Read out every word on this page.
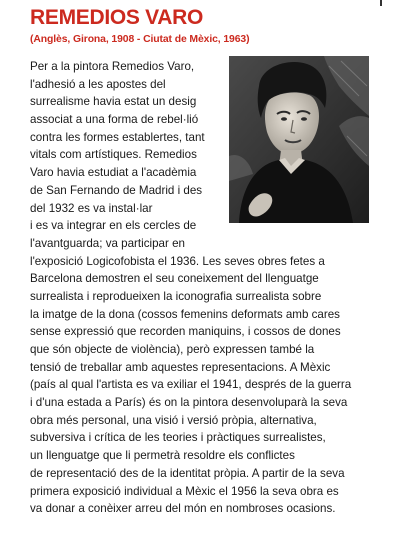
REMEDIOS VARO
(Anglès, Girona, 1908 - Ciutat de Mèxic, 1963)
Per a la pintora Remedios Varo,
l'adhesió a les apostes del
surrealisme havia estat un desig
associat a una forma de rebel·lió
contra les formes establertes, tant
vitals com artístiques. Remedios
Varo havia estudiat a l'acadèmia
de San Fernando de Madrid i des
del 1932 es va instal·lar
i es va integrar en els cercles de
l'avantguarda; va participar en
l'exposició Logicofobista el 1936. Les seves obres fetes a
Barcelona demostren el seu coneixement del llenguatge
surrealista i reprodueixen la iconografia surrealista sobre
la imatge de la dona (cossos femenins deformats amb cares
sense expressió que recorden maniquins, i cossos de dones
que són objecte de violència), però expressen també la
tensió de treballar amb aquestes representacions. A Mèxic
(país al qual l'artista es va exiliar el 1941, després de la guerra
i d'una estada a París) és on la pintora desenvoluparà la seva
obra més personal, una visió i versió pròpia, alternativa,
subversiva i crítica de les teories i pràctiques surrealistes,
un llenguatge que li permetrà resoldre els conflictes
de representació des de la identitat pròpia. A partir de la seva
primera exposició individual a Mèxic el 1956 la seva obra es
va donar a conèixer arreu del món en nombroses ocasions.
